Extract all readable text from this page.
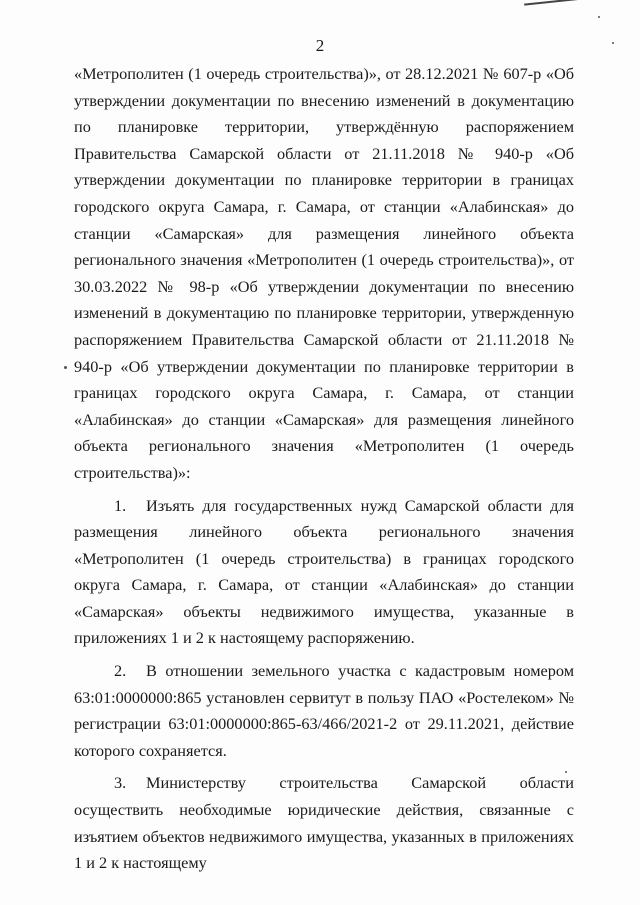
2

«Метрополитен (1 очередь строительства)», от 28.12.2021 № 607-р «Об утверждении документации по внесению изменений в документацию по планировке территории, утверждённую распоряжением Правительства Самарской области от 21.11.2018 № 940-р «Об утверждении документации по планировке территории в границах городского округа Самара, г. Самара, от станции «Алабинская» до станции «Самарская» для размещения линейного объекта регионального значения «Метрополитен (1 очередь строительства)», от 30.03.2022 № 98-р «Об утверждении документации по внесению изменений в документацию по планировке территории, утвержденную распоряжением Правительства Самарской области от 21.11.2018 № 940-р «Об утверждении документации по планировке территории в границах городского округа Самара, г. Самара, от станции «Алабинская» до станции «Самарская» для размещения линейного объекта регионального значения «Метрополитен (1 очередь строительства)»:

1. Изъять для государственных нужд Самарской области для размещения линейного объекта регионального значения «Метрополитен (1 очередь строительства) в границах городского округа Самара, г. Самара, от станции «Алабинская» до станции «Самарская» объекты недвижимого имущества, указанные в приложениях 1 и 2 к настоящему распоряжению.

2. В отношении земельного участка с кадастровым номером 63:01:0000000:865 установлен сервитут в пользу ПАО «Ростелеком» № регистрации 63:01:0000000:865-63/466/2021-2 от 29.11.2021, действие которого сохраняется.

3. Министерству строительства Самарской области осуществить необходимые юридические действия, связанные с изъятием объектов недвижимого имущества, указанных в приложениях 1 и 2 к настоящему
